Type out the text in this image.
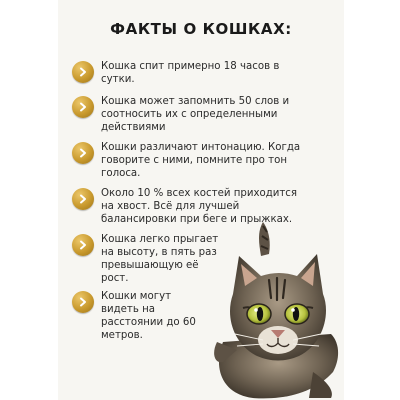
ФАКТЫ О КОШКАХ:
Кошка спит примерно 18 часов в сутки.
Кошка может запомнить 50 слов и соотносить их с определенными действиями
Кошки различают интонацию. Когда говорите с ними, помните про тон голоса.
Около 10 % всех костей приходится на хвост. Всё для лучшей балансировки при беге и прыжках.
Кошка легко прыгает на высоту, в пять раз превышающую её рост.
Кошки могут видеть на расстоянии до 60 метров.
